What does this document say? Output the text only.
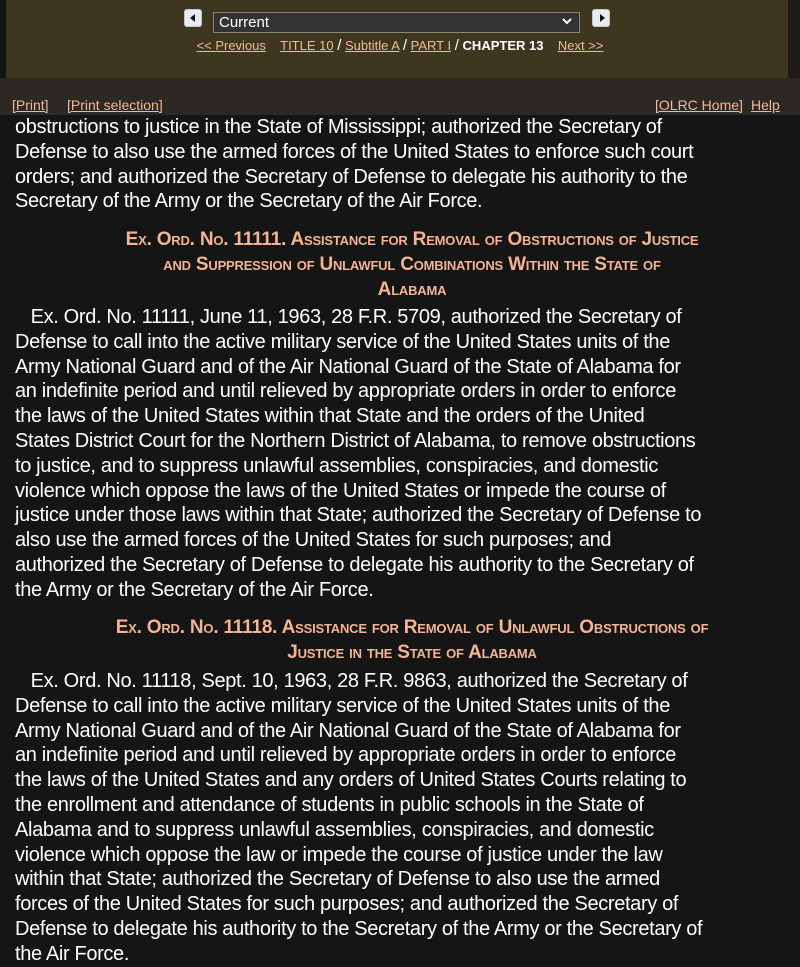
Current
<< Previous TITLE 10 / Subtitle A / PART I / CHAPTER 13 Next >>
[Print] [Print selection]	[OLRC Home] Help
obstructions to justice in the State of Mississippi; authorized the Secretary of
Defense to also use the armed forces of the United States to enforce such court
orders; and authorized the Secretary of Defense to delegate his authority to the
Secretary of the Army or the Secretary of the Air Force.
Ex. Ord. No. 11111. Assistance for Removal of Obstructions of Justice
and Suppression of Unlawful Combinations Within the State of
Alabama
Ex. Ord. No. 11111, June 11, 1963, 28 F.R. 5709, authorized the Secretary of
Defense to call into the active military service of the United States units of the
Army National Guard and of the Air National Guard of the State of Alabama for
an indefinite period and until relieved by appropriate orders in order to enforce
the laws of the United States within that State and the orders of the United
States District Court for the Northern District of Alabama, to remove obstructions
to justice, and to suppress unlawful assemblies, conspiracies, and domestic
violence which oppose the laws of the United States or impede the course of
justice under those laws within that State; authorized the Secretary of Defense to
also use the armed forces of the United States for such purposes; and
authorized the Secretary of Defense to delegate his authority to the Secretary of
the Army or the Secretary of the Air Force.
Ex. Ord. No. 11118. Assistance for Removal of Unlawful Obstructions of
Justice in the State of Alabama
Ex. Ord. No. 11118, Sept. 10, 1963, 28 F.R. 9863, authorized the Secretary of
Defense to call into the active military service of the United States units of the
Army National Guard and of the Air National Guard of the State of Alabama for
an indefinite period and until relieved by appropriate orders in order to enforce
the laws of the United States and any orders of United States Courts relating to
the enrollment and attendance of students in public schools in the State of
Alabama and to suppress unlawful assemblies, conspiracies, and domestic
violence which oppose the law or impede the course of justice under the law
within that State; authorized the Secretary of Defense to also use the armed
forces of the United States for such purposes; and authorized the Secretary of
Defense to delegate his authority to the Secretary of the Army or the Secretary of
the Air Force.
